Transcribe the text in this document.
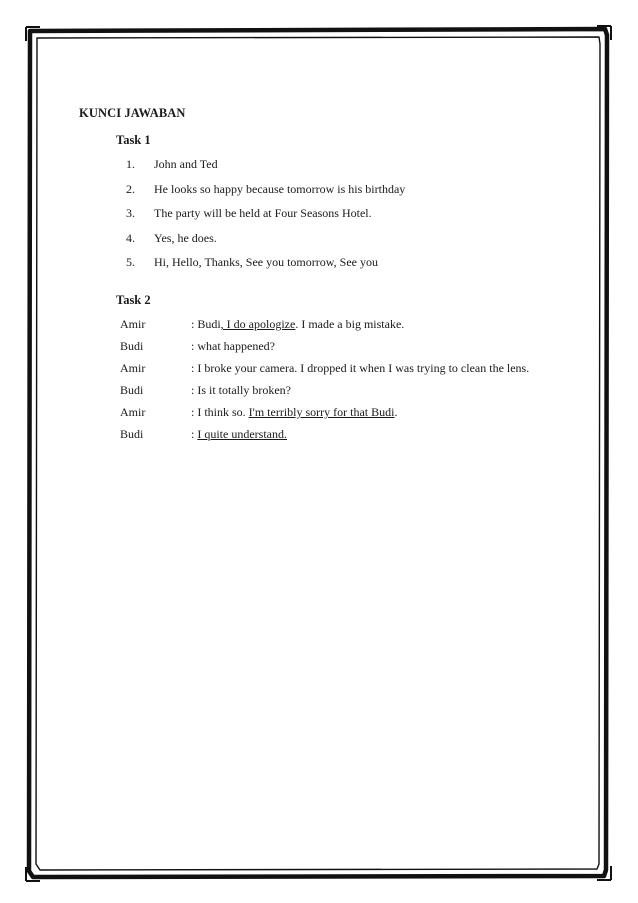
KUNCI JAWABAN
Task 1
1.	John and Ted
2.	He looks so happy because tomorrow is his birthday
3.	The party will be held at Four Seasons Hotel.
4.	Yes, he does.
5.	Hi, Hello, Thanks, See you tomorrow, See you
Task 2
Amir	: Budi, I do apologize. I made a big mistake.
Budi	: what happened?
Amir	: I broke your camera. I dropped it when I was trying to clean the lens.
Budi	: Is it totally broken?
Amir	: I think so. I'm terribly sorry for that Budi.
Budi	: I quite understand.
